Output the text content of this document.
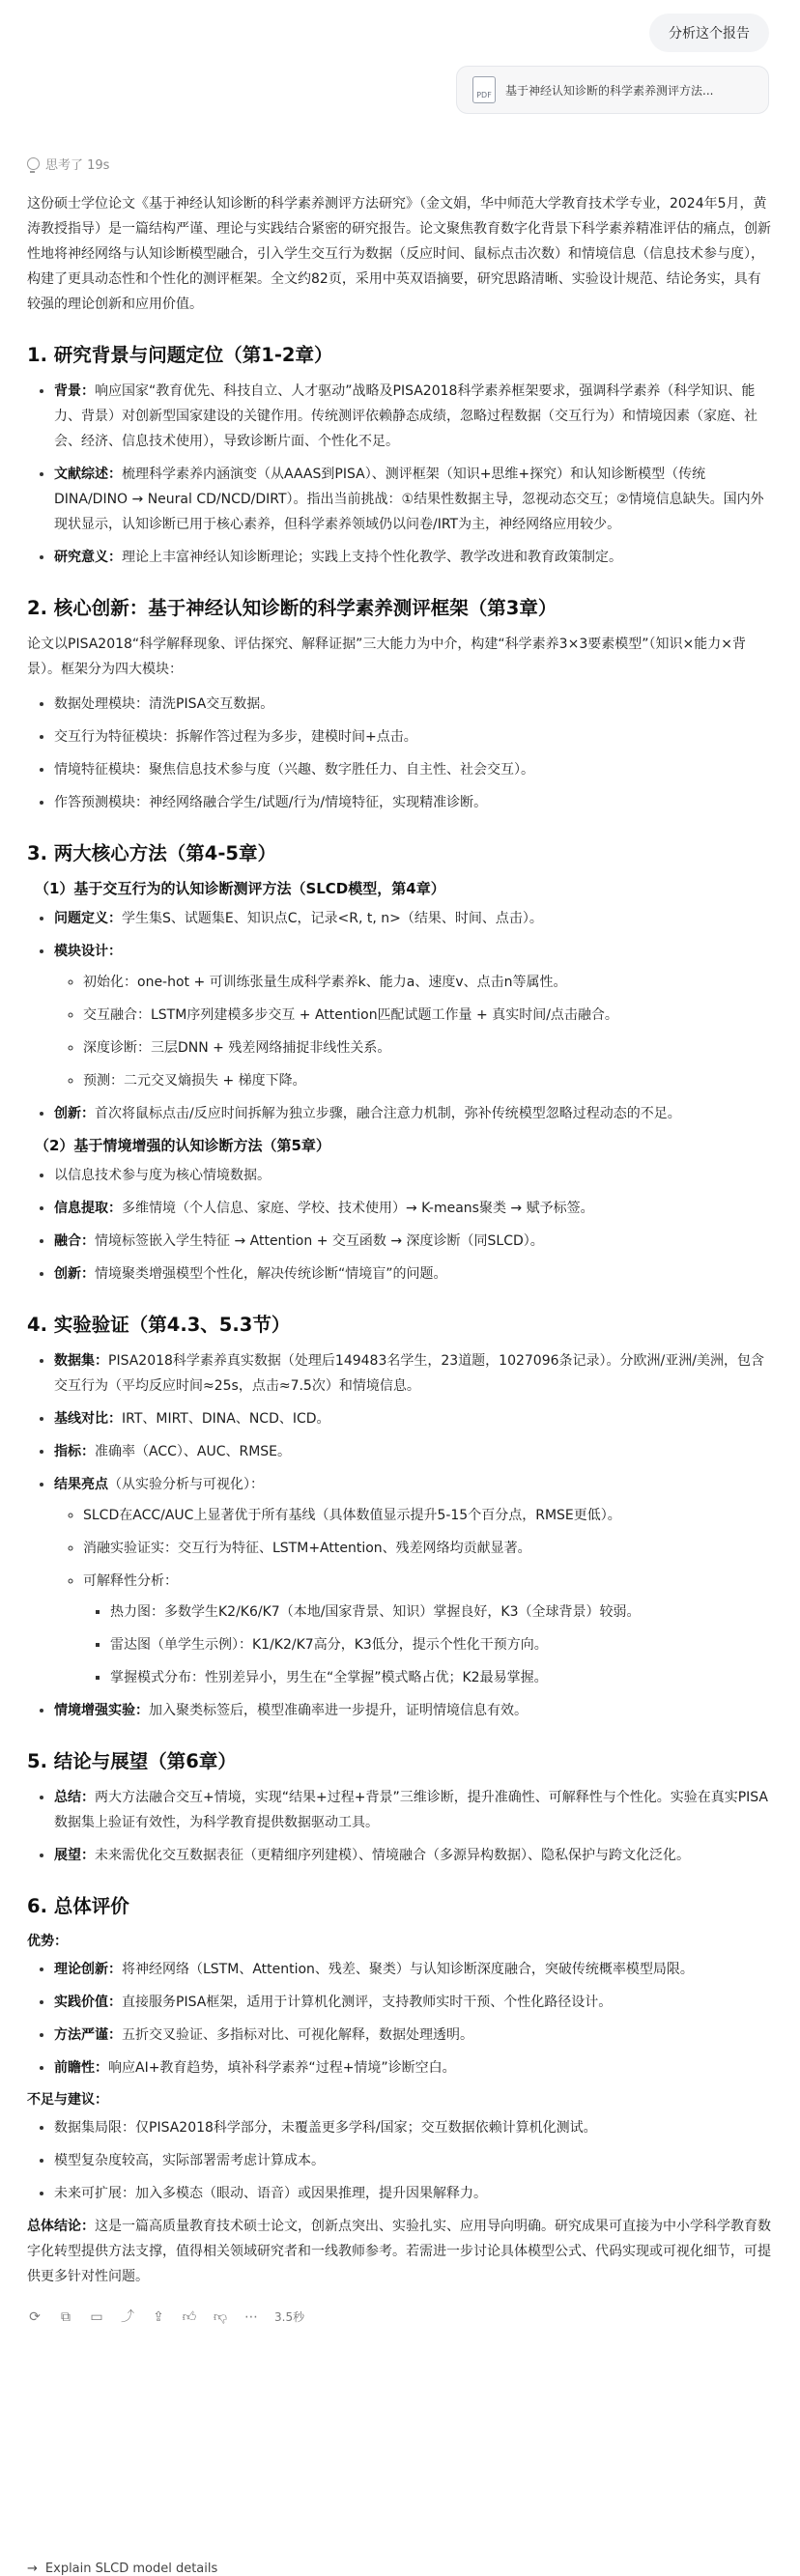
分析这个报告
PDF	基于神经认知诊断的科学素养测评方法...
思考了 19s

这份硕士学位论文《基于神经认知诊断的科学素养测评方法研究》（金文娟，华中师范大学教育技术学专业，2024年5月，黄涛教授指导）是一篇结构严谨、理论与实践结合紧密的研究报告。论文聚焦教育数字化背景下科学素养精准评估的痛点，创新性地将神经网络与认知诊断模型融合，引入学生交互行为数据（反应时间、鼠标点击次数）和情境信息（信息技术参与度），构建了更具动态性和个性化的测评框架。全文约82页，采用中英双语摘要，研究思路清晰、实验设计规范、结论务实，具有较强的理论创新和应用价值。

1. 研究背景与问题定位（第1-2章）
• 背景：响应国家“教育优先、科技自立、人才驱动”战略及PISA2018科学素养框架要求，强调科学素养（科学知识、能力、背景）对创新型国家建设的关键作用。传统测评依赖静态成绩，忽略过程数据（交互行为）和情境因素（家庭、社会、经济、信息技术使用），导致诊断片面、个性化不足。
• 文献综述：梳理科学素养内涵演变（从AAAS到PISA）、测评框架（知识+思维+探究）和认知诊断模型（传统DINA/DINO → Neural CD/NCD/DIRT）。指出当前挑战：①结果性数据主导，忽视动态交互；②情境信息缺失。国内外现状显示，认知诊断已用于核心素养，但科学素养领域仍以问卷/IRT为主，神经网络应用较少。
• 研究意义：理论上丰富神经认知诊断理论；实践上支持个性化教学、教学改进和教育政策制定。
2. 核心创新：基于神经认知诊断的科学素养测评框架（第3章）

论文以PISA2018“科学解释现象、评估探究、解释证据”三大能力为中介，构建“科学素养3×3要素模型”（知识×能力×背景）。框架分为四大模块：

• 数据处理模块：清洗PISA交互数据。
• 交互行为特征模块：拆解作答过程为多步，建模时间+点击。
• 情境特征模块：聚焦信息技术参与度（兴趣、数字胜任力、自主性、社会交互）。
• 作答预测模块：神经网络融合学生/试题/行为/情境特征，实现精准诊断。
3. 两大核心方法（第4-5章）
（1）基于交互行为的认知诊断测评方法（SLCD模型，第4章）
• 问题定义：学生集S、试题集E、知识点C，记录<R, t, n>（结果、时间、点击）。
• 模块设计：
◦ 初始化：one-hot + 可训练张量生成科学素养k、能力a、速度v、点击n等属性。
◦ 交互融合：LSTM序列建模多步交互 + Attention匹配试题工作量 + 真实时间/点击融合。
◦ 深度诊断：三层DNN + 残差网络捕捉非线性关系。
◦ 预测：二元交叉熵损失 + 梯度下降。
• 创新：首次将鼠标点击/反应时间拆解为独立步骤，融合注意力机制，弥补传统模型忽略过程动态的不足。
（2）基于情境增强的认知诊断方法（第5章）
• 以信息技术参与度为核心情境数据。
• 信息提取：多维情境（个人信息、家庭、学校、技术使用）→ K-means聚类 → 赋予标签。
• 融合：情境标签嵌入学生特征 → Attention + 交互函数 → 深度诊断（同SLCD）。
• 创新：情境聚类增强模型个性化，解决传统诊断“情境盲”的问题。
4. 实验验证（第4.3、5.3节）
• 数据集：PISA2018科学素养真实数据（处理后149483名学生，23道题，1027096条记录）。分欧洲/亚洲/美洲，包含交互行为（平均反应时间≈25s，点击≈7.5次）和情境信息。
• 基线对比：IRT、MIRT、DINA、NCD、ICD。
• 指标：准确率（ACC）、AUC、RMSE。
• 结果亮点（从实验分析与可视化）：
◦ SLCD在ACC/AUC上显著优于所有基线（具体数值显示提升5-15个百分点，RMSE更低）。
◦ 消融实验证实：交互行为特征、LSTM+Attention、残差网络均贡献显著。
◦ 可解释性分析：
▪ 热力图：多数学生K2/K6/K7（本地/国家背景、知识）掌握良好，K3（全球背景）较弱。
▪ 雷达图（单学生示例）：K1/K2/K7高分，K3低分，提示个性化干预方向。
▪ 掌握模式分布：性别差异小，男生在“全掌握”模式略占优；K2最易掌握。
• 情境增强实验：加入聚类标签后，模型准确率进一步提升，证明情境信息有效。
5. 结论与展望（第6章）
• 总结：两大方法融合交互+情境，实现“结果+过程+背景”三维诊断，提升准确性、可解释性与个性化。实验在真实PISA数据集上验证有效性，为科学教育提供数据驱动工具。
• 展望：未来需优化交互数据表征（更精细序列建模）、情境融合（多源异构数据）、隐私保护与跨文化泛化。
6. 总体评价
优势：
• 理论创新：将神经网络（LSTM、Attention、残差、聚类）与认知诊断深度融合，突破传统概率模型局限。
• 实践价值：直接服务PISA框架，适用于计算机化测评，支持教师实时干预、个性化路径设计。
• 方法严谨：五折交叉验证、多指标对比、可视化解释，数据处理透明。
• 前瞻性：响应AI+教育趋势，填补科学素养“过程+情境”诊断空白。
不足与建议：
• 数据集局限：仅PISA2018科学部分，未覆盖更多学科/国家；交互数据依赖计算机化测试。
• 模型复杂度较高，实际部署需考虑计算成本。
• 未来可扩展：加入多模态（眼动、语音）或因果推理，提升因果解释力。

总体结论：这是一篇高质量教育技术硕士论文，创新点突出、实验扎实、应用导向明确。研究成果可直接为中小学科学教育数字化转型提供方法支撑，值得相关领域研究者和一线教师参考。若需进一步讨论具体模型公式、代码实现或可视化细节，可提供更多针对性问题。

⟳ ⧉ ▭ ⤴ ⇪ 👍︎ 👎︎ ⋯ 3.5秒
→ Explain SLCD model details
